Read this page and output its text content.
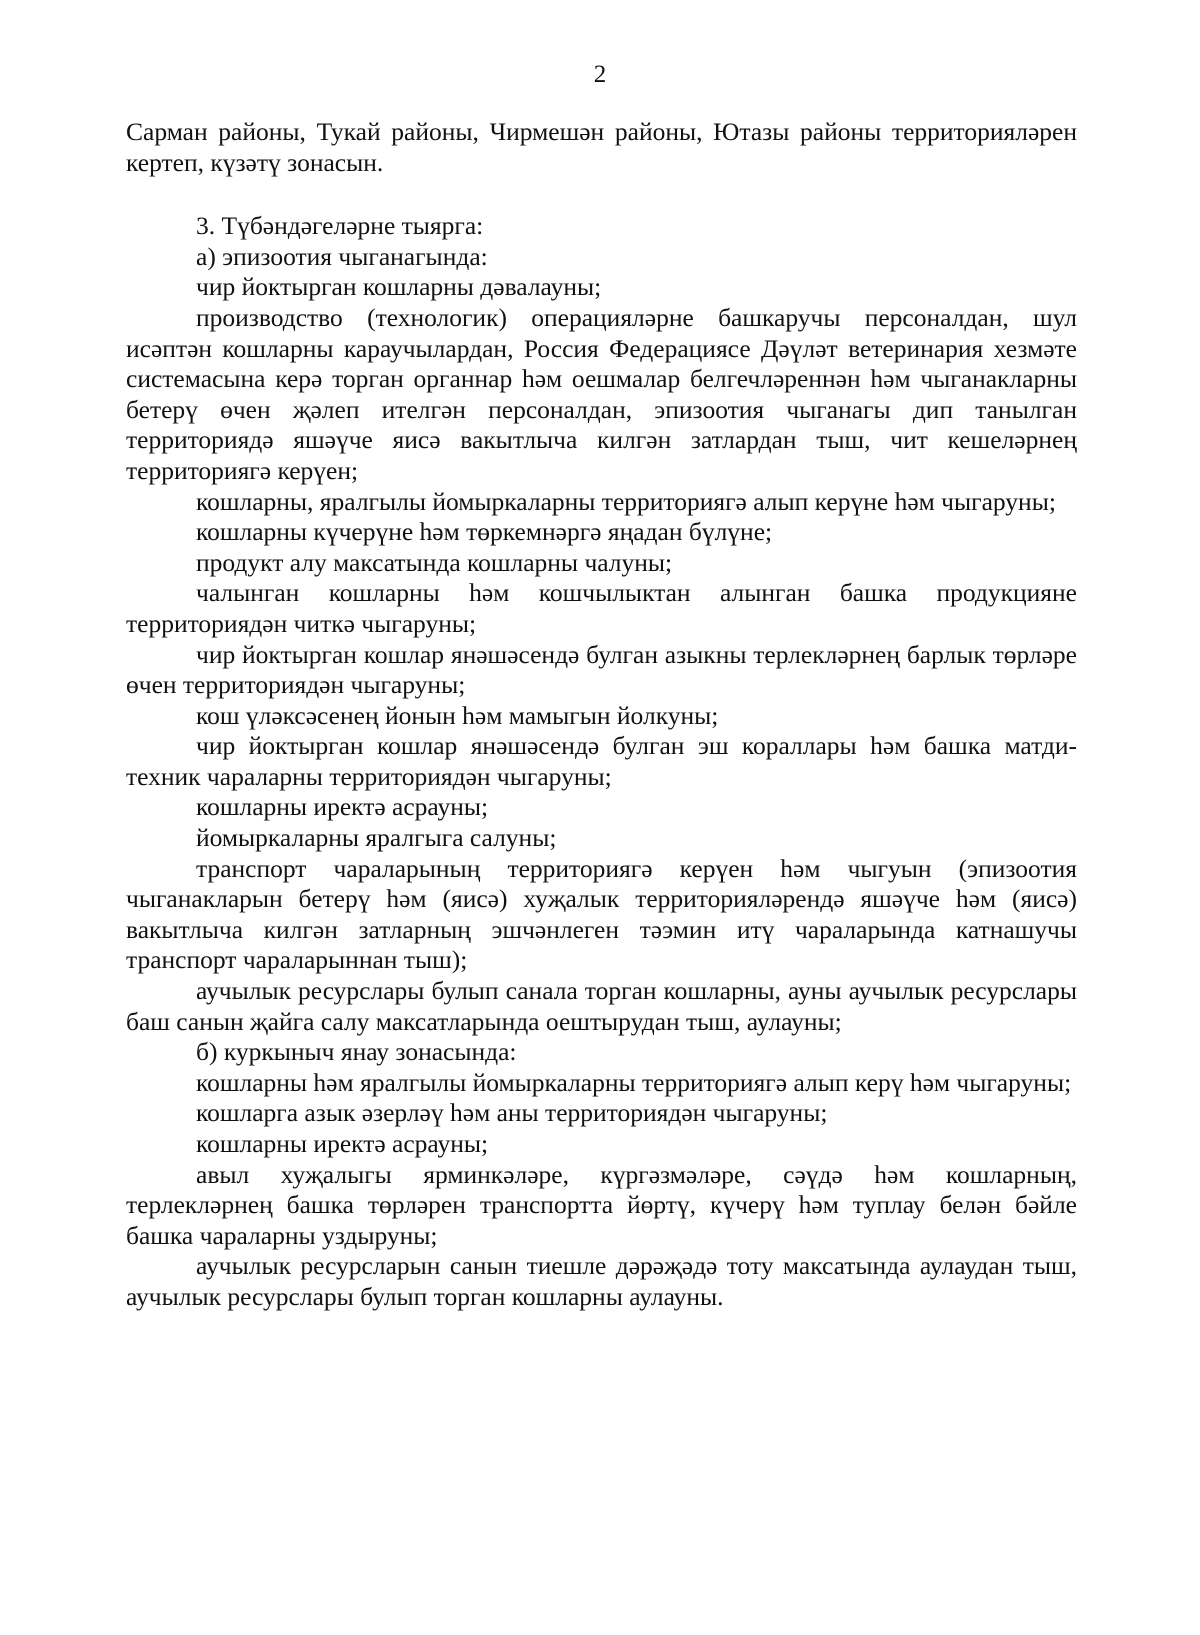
2

Сарман районы, Тукай районы, Чирмешән районы, Ютазы районы территорияләрен кертеп, күзәтү зонасын.

3. Түбәндәгеләрне тыярга:

а) эпизоотия чыганагында:

чир йоктырган кошларны дәвалауны;

производство (технологик) операцияләрне башкаручы персоналдан, шул исәптән кошларны караучылардан, Россия Федерациясе Дәүләт ветеринария хезмәте системасына керә торган органнар һәм оешмалар белгечләреннән һәм чыганакларны бетерү өчен җәлеп ителгән персоналдан, эпизоотия чыганагы дип танылган территориядә яшәүче яисә вакытлыча килгән затлардан тыш, чит кешеләрнең территориягә керүен;

кошларны, яралгылы йомыркаларны территориягә алып керүне һәм чыгаруны;

кошларны күчерүне һәм төркемнәргә яңадан бүлүне;

продукт алу максатында кошларны чалуны;

чалынган кошларны һәм кошчылыктан алынган башка продукцияне территориядән читкә чыгаруны;

чир йоктырган кошлар янәшәсендә булган азыкны терлекләрнең барлык төрләре өчен территориядән чыгаруны;

кош үләксәсенең йонын һәм мамыгын йолкуны;

чир йоктырган кошлар янәшәсендә булган эш кораллары һәм башка матди-техник чараларны территориядән чыгаруны;

кошларны иректә асрауны;

йомыркаларны яралгыга салуны;

транспорт чараларының территориягә керүен һәм чыгуын (эпизоотия чыганакларын бетерү һәм (яисә) хуҗалык территорияләрендә яшәүче һәм (яисә) вакытлыча килгән затларның эшчәнлеген тәэмин итү чараларында катнашучы транспорт чараларыннан тыш);

аучылык ресурслары булып санала торган кошларны, ауны аучылык ресурслары баш санын җайга салу максатларында оештырудан тыш, аулауны;

б) куркыныч янау зонасында:

кошларны һәм яралгылы йомыркаларны территориягә алып керү һәм чыгаруны;

кошларга азык әзерләү һәм аны территориядән чыгаруны;

кошларны иректә асрауны;

авыл хуҗалыгы ярминкәләре, күргәзмәләре, сәүдә һәм кошларның, терлекләрнең башка төрләрен транспортта йөртү, күчерү һәм туплау белән бәйле башка чараларны уздыруны;

аучылык ресурсларын санын тиешле дәрәҗәдә тоту максатында аулаудан тыш, аучылык ресурслары булып торган кошларны аулауны.
